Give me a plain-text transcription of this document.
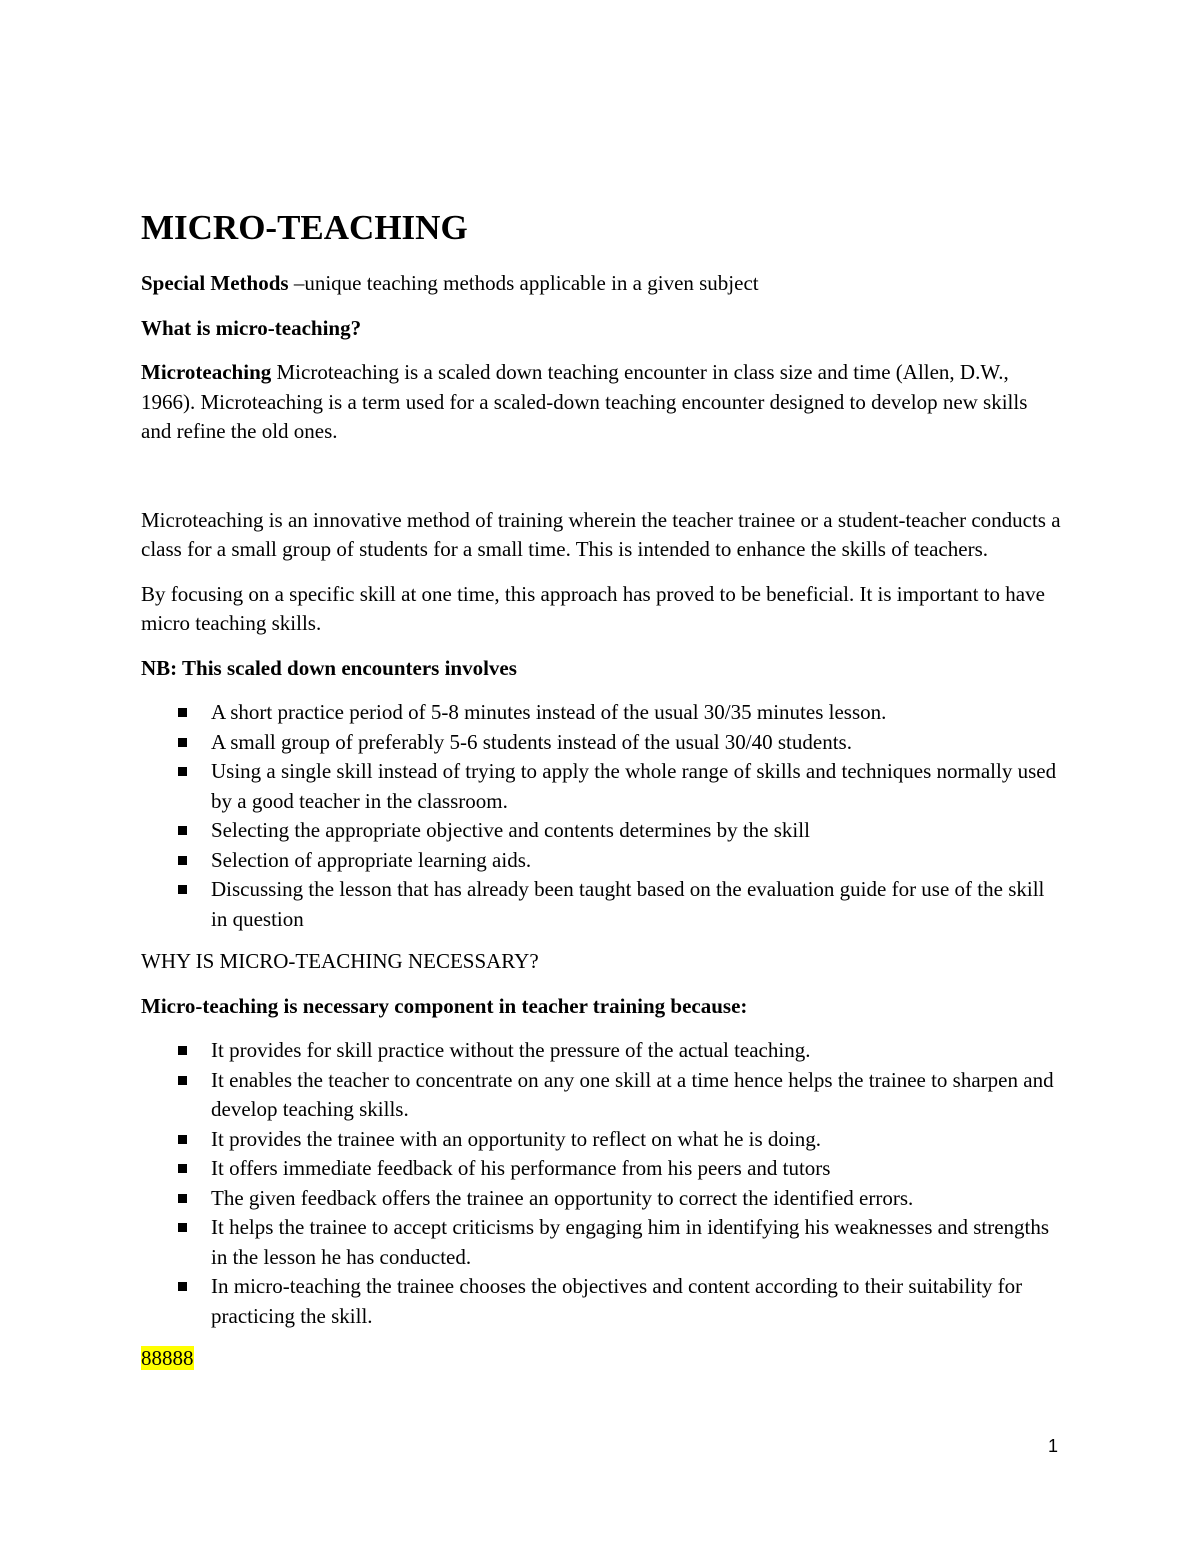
MICRO-TEACHING

Special Methods –unique teaching methods applicable in a given subject

What is micro-teaching?

Microteaching Microteaching is a scaled down teaching encounter in class size and time (Allen, D.W., 1966). Microteaching is a term used for a scaled-down teaching encounter designed to develop new skills and refine the old ones.

Microteaching is an innovative method of training wherein the teacher trainee or a student-teacher conducts a class for a small group of students for a small time. This is intended to enhance the skills of teachers.

By focusing on a specific skill at one time, this approach has proved to be beneficial. It is important to have micro teaching skills.

NB: This scaled down encounters involves

A short practice period of 5-8 minutes instead of the usual 30/35 minutes lesson.
A small group of preferably 5-6 students instead of the usual 30/40 students.
Using a single skill instead of trying to apply the whole range of skills and techniques normally used by a good teacher in the classroom.
Selecting the appropriate objective and contents determines by the skill
Selection of appropriate learning aids.
Discussing the lesson that has already been taught based on the evaluation guide for use of the skill in question

WHY IS MICRO-TEACHING NECESSARY?

Micro-teaching is necessary component in teacher training because:

It provides for skill practice without the pressure of the actual teaching.
It enables the teacher to concentrate on any one skill at a time hence helps the trainee to sharpen and develop teaching skills.
It provides the trainee with an opportunity to reflect on what he is doing.
It offers immediate feedback of his performance from his peers and tutors
The given feedback offers the trainee an opportunity to correct the identified errors.
It helps the trainee to accept criticisms by engaging him in identifying his weaknesses and strengths in the lesson he has conducted.
In micro-teaching the trainee chooses the objectives and content according to their suitability for practicing the skill.

88888

1
